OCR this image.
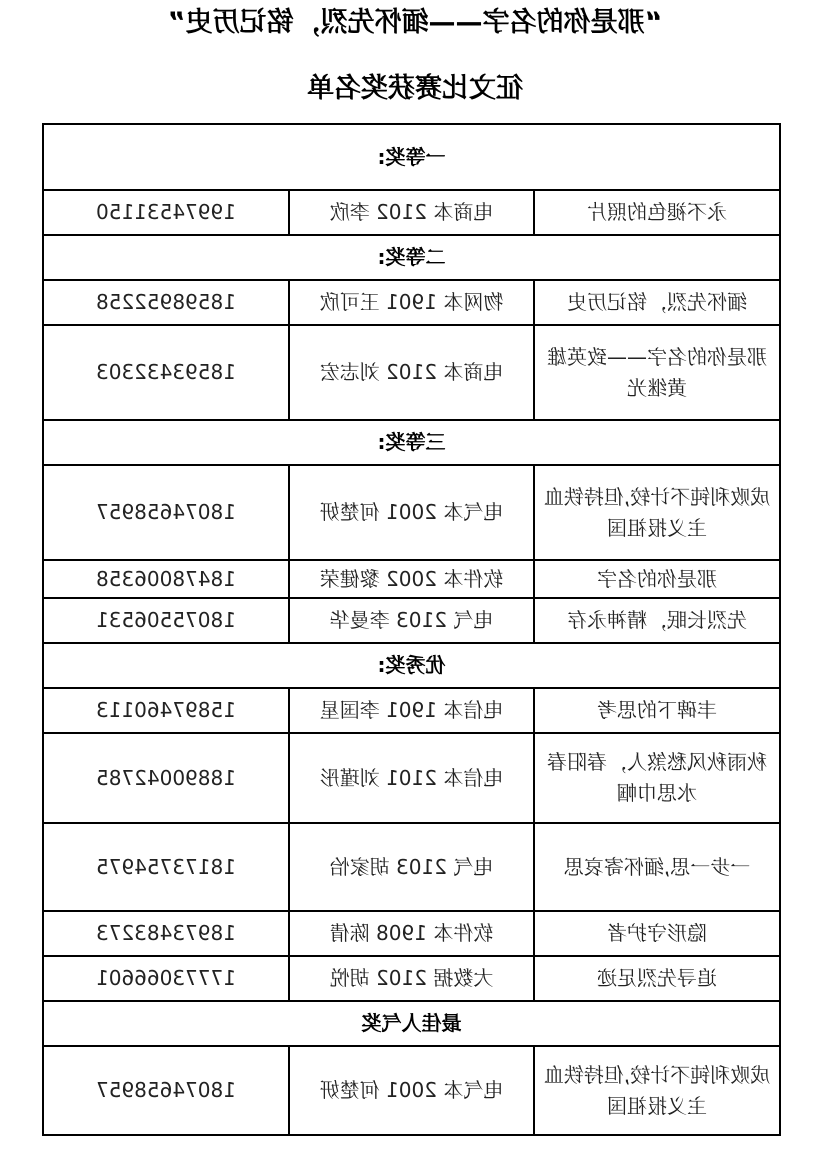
“那是你的名字——缅怀先烈，铭记历史”
征文比赛获奖名单
一等奖:		
永不褪色的照片	电商本 2102 李欣	19974531150
二等奖:		
缅怀先烈，铭记历史	物网本 1901 王可欣	18598952258
那是你的名字——致英雄黄继光	电商本 2102 刘志宏	18593432303
三等奖:		
成败利钝不计较,但持铁血主义报祖国	电气本 2001 何楚妍	18074658957
那是你的名字	软件本 2002 黎健荣	18478006358
先烈长眠，精神永存	电气 2103 李曼华	18075506531
优秀奖:		
丰碑下的思考	电信本 1901 李国星	15897460113
秋雨秋风愁煞人，春阳春水思巾帼	电信本 2101 刘瑾彤	18890042785
一步一思,缅怀寄哀思	电气 2103 胡家怡	18173754975
隐形守护者	软件本 1908 陈倩	18973483273
追寻先烈足迹	大数据 2102 胡悦	17773066601
最佳人气奖		
成败利钝不计较,但持铁血主义报祖国	电气本 2001 何楚妍	18074658957
